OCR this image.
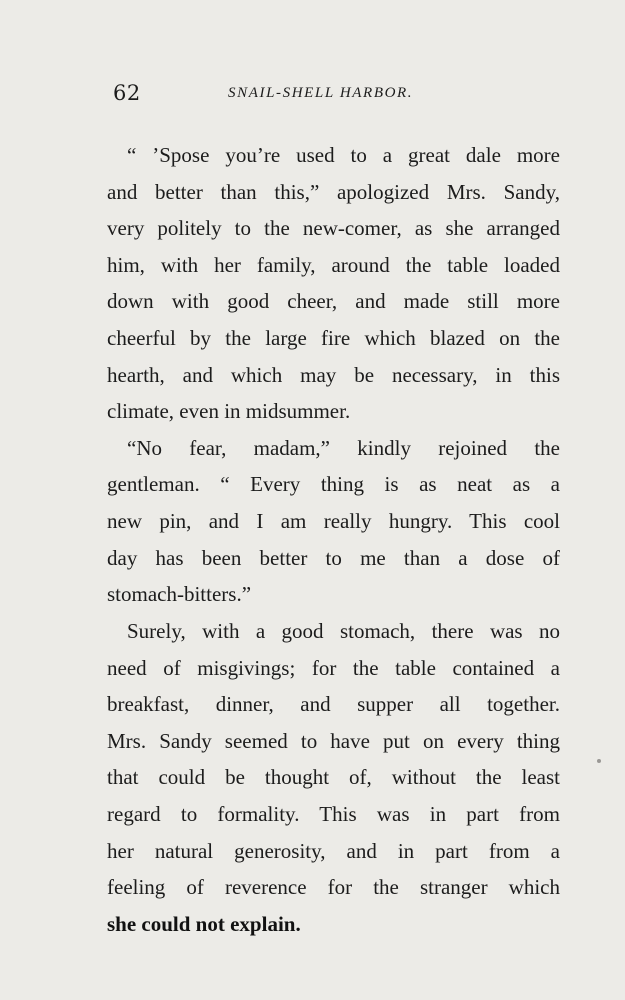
62	SNAIL-SHELL HARBOR.
“ ’Spose you’re used to a great dale more
and better than this,” apologized Mrs. Sandy,
very politely to the new-comer, as she arranged
him, with her family, around the table loaded
down with good cheer, and made still more
cheerful by the large fire which blazed on the
hearth, and which may be necessary, in this
climate, even in midsummer.
“No fear, madam,” kindly rejoined the
gentleman. “ Every thing is as neat as a
new pin, and I am really hungry. This cool
day has been better to me than a dose of
stomach-bitters.”
Surely, with a good stomach, there was no
need of misgivings; for the table contained a
breakfast, dinner, and supper all together.
Mrs. Sandy seemed to have put on every thing
that could be thought of, without the least
regard to formality. This was in part from
her natural generosity, and in part from a
feeling of reverence for the stranger which
she could not explain.
